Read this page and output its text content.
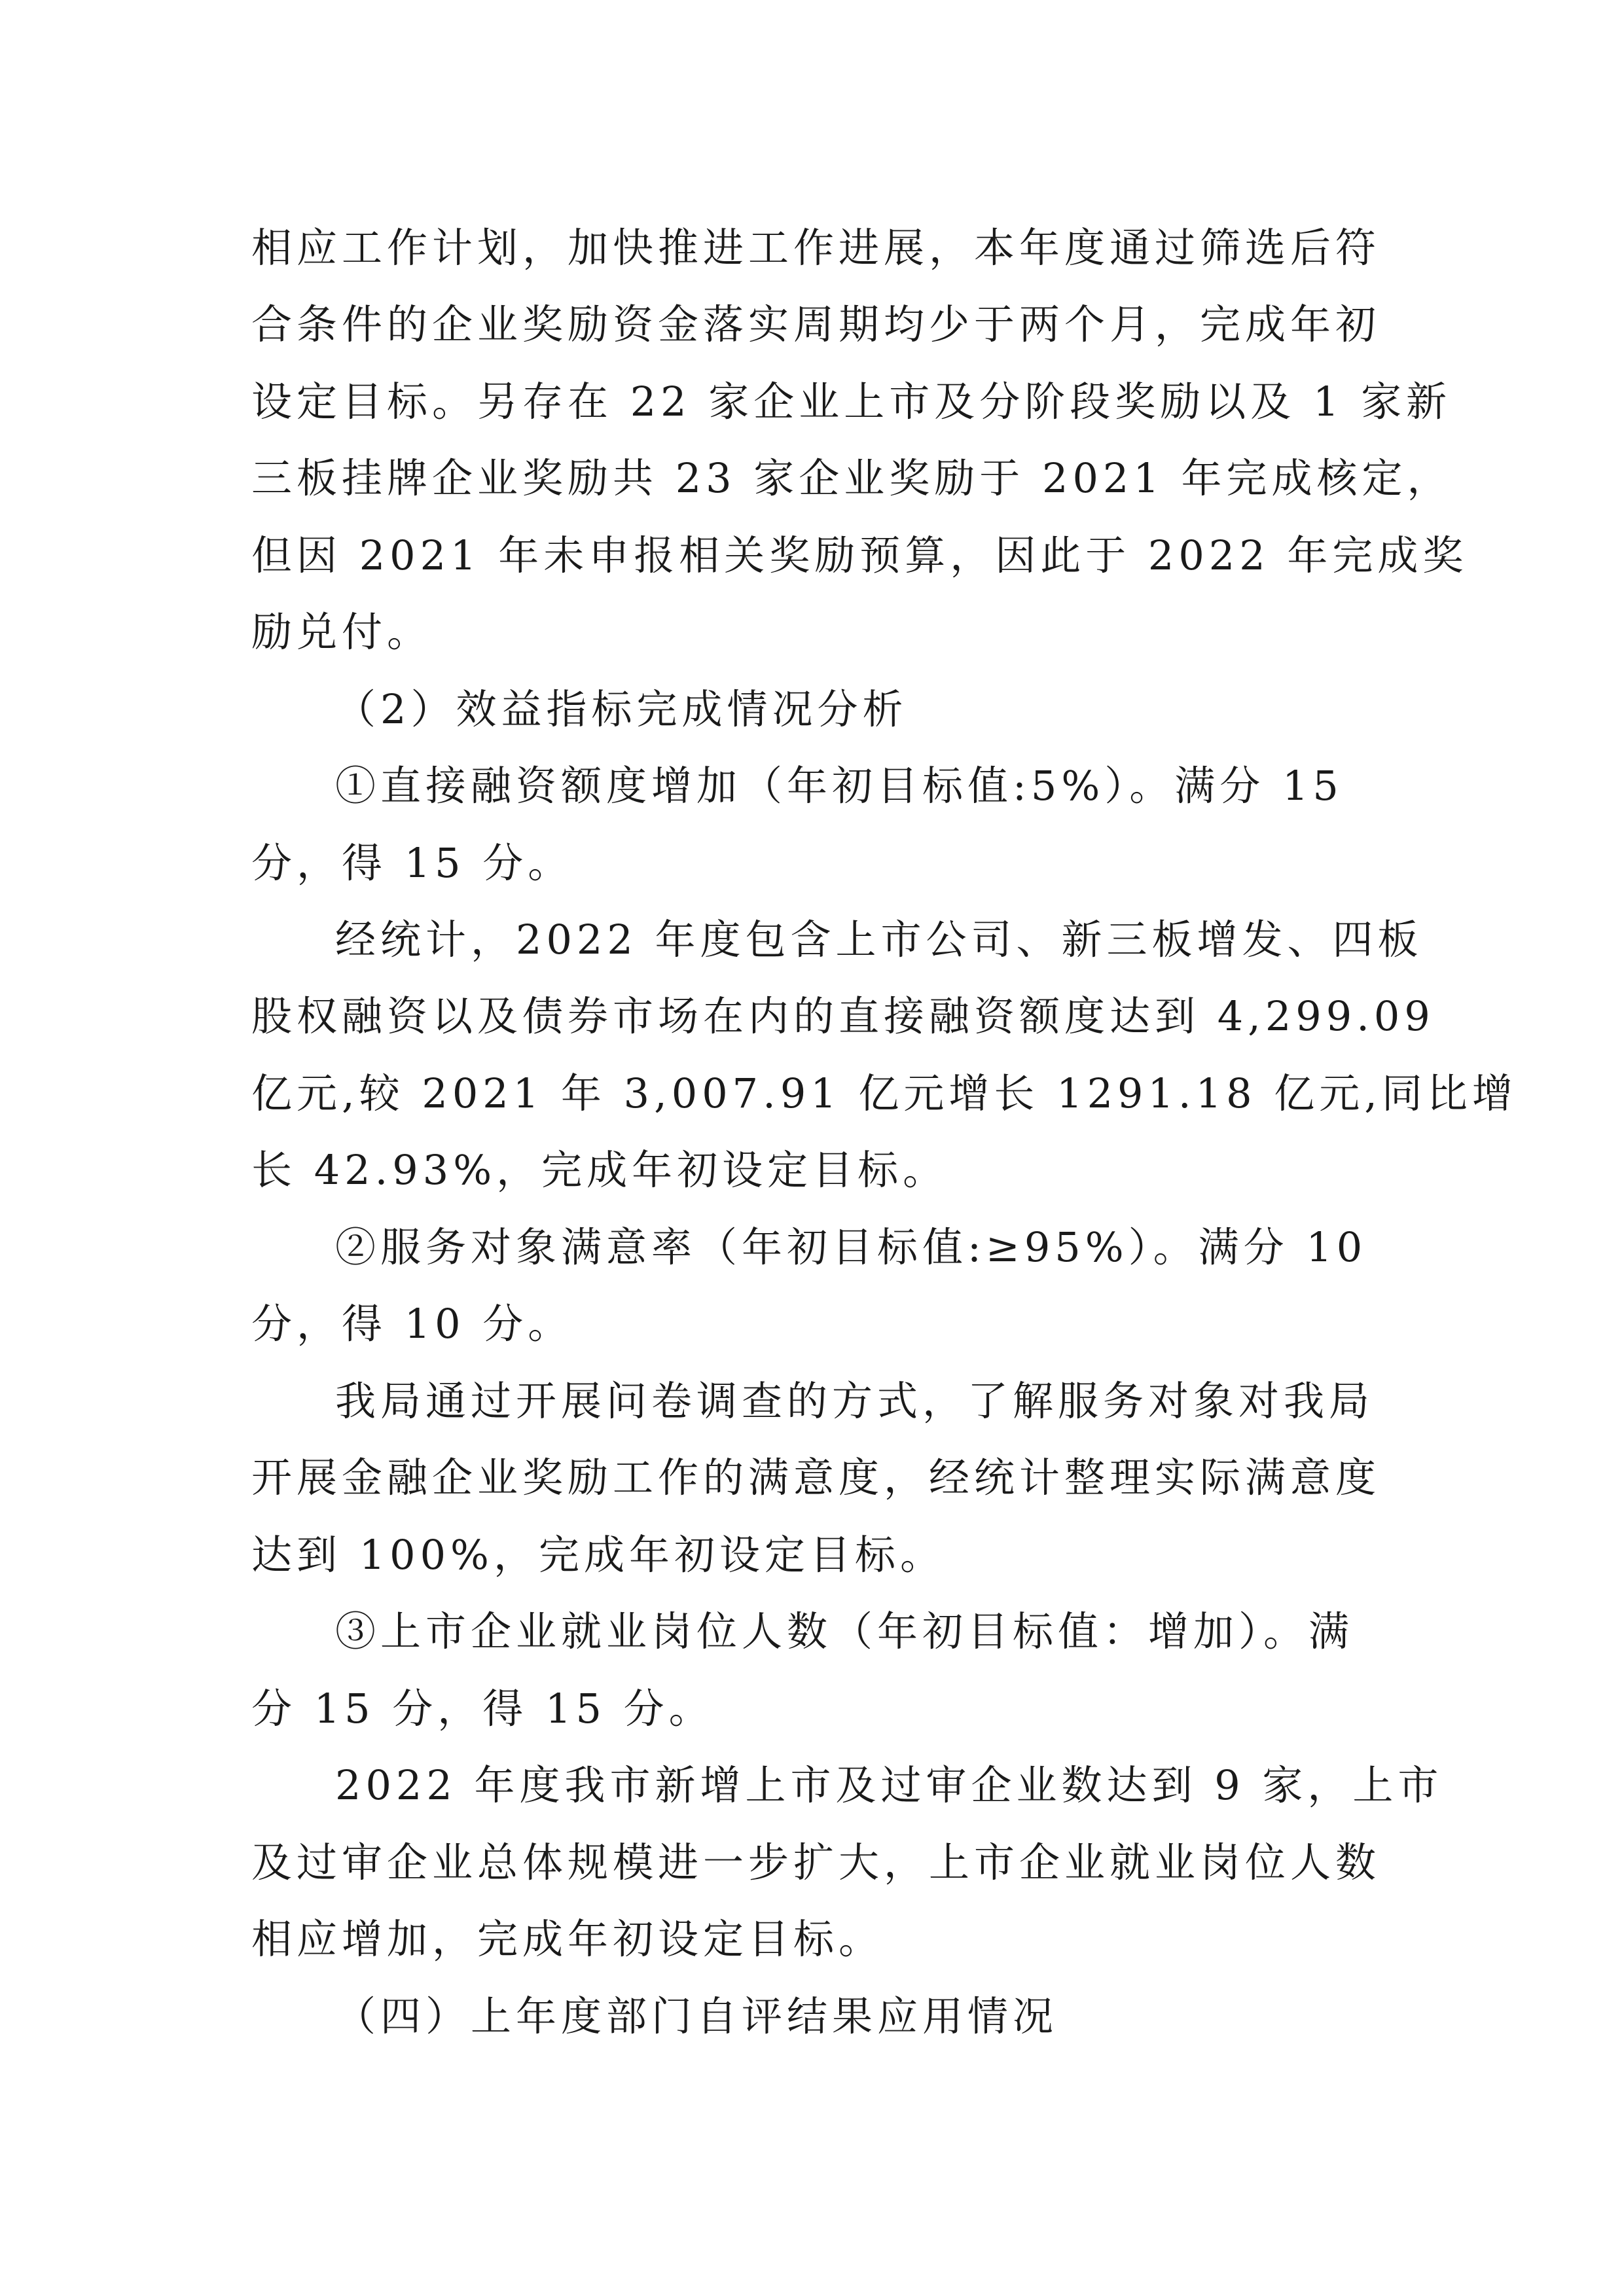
相应工作计划，加快推进工作进展，本年度通过筛选后符
合条件的企业奖励资金落实周期均少于两个月，完成年初
设定目标。另存在 22 家企业上市及分阶段奖励以及 1 家新
三板挂牌企业奖励共 23 家企业奖励于 2021 年完成核定，
但因 2021 年未申报相关奖励预算，因此于 2022 年完成奖
励兑付。
（2）效益指标完成情况分析
①直接融资额度增加（年初目标值:5%）。满分 15
分，得 15 分。
经统计，2022 年度包含上市公司、新三板增发、四板
股权融资以及债券市场在内的直接融资额度达到 4,299.09
亿元,较 2021 年 3,007.91 亿元增长 1291.18 亿元,同比增
长 42.93%，完成年初设定目标。
②服务对象满意率（年初目标值:≥95%）。满分 10
分，得 10 分。
我局通过开展问卷调查的方式，了解服务对象对我局
开展金融企业奖励工作的满意度，经统计整理实际满意度
达到 100%，完成年初设定目标。
③上市企业就业岗位人数（年初目标值：增加）。满
分 15 分，得 15 分。
2022 年度我市新增上市及过审企业数达到 9 家，上市
及过审企业总体规模进一步扩大，上市企业就业岗位人数
相应增加，完成年初设定目标。
（四）上年度部门自评结果应用情况
